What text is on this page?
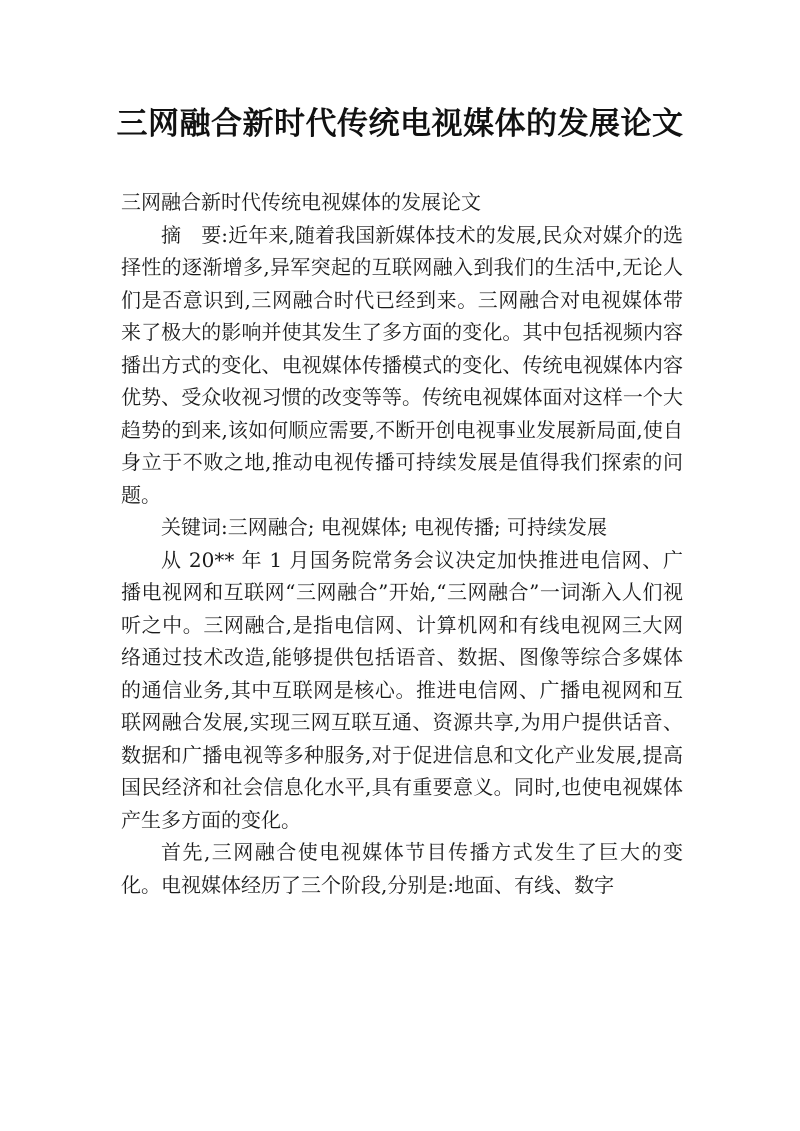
三网融合新时代传统电视媒体的发展论文

三网融合新时代传统电视媒体的发展论文

摘　要:近年来,随着我国新媒体技术的发展,民众对媒介的选择性的逐渐增多,异军突起的互联网融入到我们的生活中,无论人们是否意识到,三网融合时代已经到来。三网融合对电视媒体带来了极大的影响并使其发生了多方面的变化。其中包括视频内容播出方式的变化、电视媒体传播模式的变化、传统电视媒体内容优势、受众收视习惯的改变等等。传统电视媒体面对这样一个大趋势的到来,该如何顺应需要,不断开创电视事业发展新局面,使自身立于不败之地,推动电视传播可持续发展是值得我们探索的问题。

关键词:三网融合; 电视媒体; 电视传播; 可持续发展

从 20** 年 1 月国务院常务会议决定加快推进电信网、广播电视网和互联网“三网融合”开始,“三网融合”一词渐入人们视听之中。三网融合,是指电信网、计算机网和有线电视网三大网络通过技术改造,能够提供包括语音、数据、图像等综合多媒体的通信业务,其中互联网是核心。推进电信网、广播电视网和互联网融合发展,实现三网互联互通、资源共享,为用户提供话音、数据和广播电视等多种服务,对于促进信息和文化产业发展,提高国民经济和社会信息化水平,具有重要意义。同时,也使电视媒体产生多方面的变化。

首先,三网融合使电视媒体节目传播方式发生了巨大的变化。电视媒体经历了三个阶段,分别是:地面、有线、数字
